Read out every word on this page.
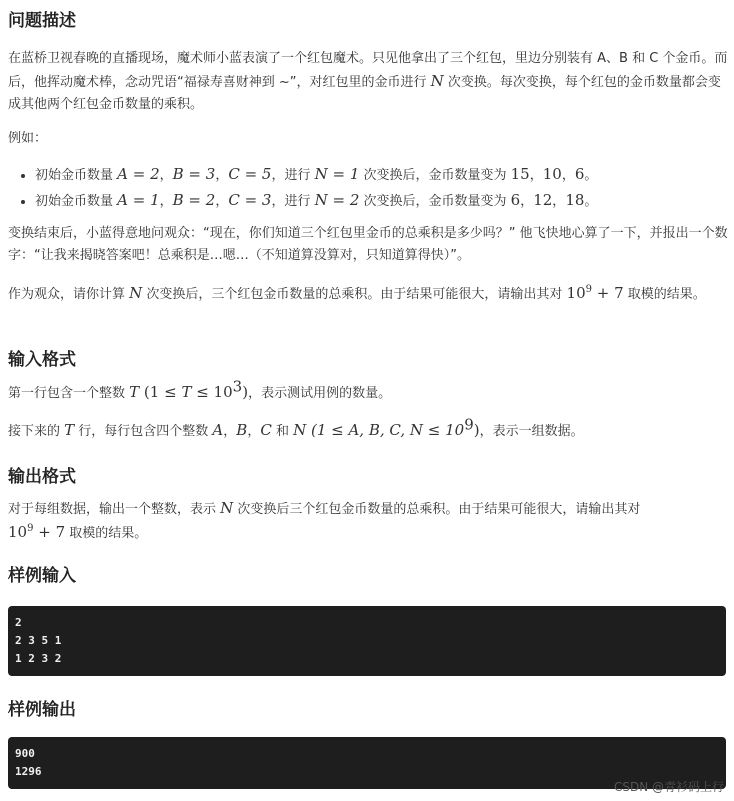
问题描述

在蓝桥卫视春晚的直播现场，魔术师小蓝表演了一个红包魔术。只见他拿出了三个红包，里边分别装有 A、B 和 C 个金币。而后，他挥动魔术棒，念动咒语“福禄寿喜财神到 ~”，对红包里的金币进行 N 次变换。每次变换，每个红包的金币数量都会变成其他两个红包金币数量的乘积。

例如：

• 初始金币数量 A = 2，B = 3，C = 5，进行 N = 1 次变换后，金币数量变为 15，10，6。
• 初始金币数量 A = 1，B = 2，C = 3，进行 N = 2 次变换后，金币数量变为 6，12，18。

变换结束后，小蓝得意地问观众：“现在，你们知道三个红包里金币的总乘积是多少吗？” 他飞快地心算了一下，并报出一个数字：“让我来揭晓答案吧！总乘积是…嗯…（不知道算没算对，只知道算得快）”。

作为观众，请你计算 N 次变换后，三个红包金币数量的总乘积。由于结果可能很大，请输出其对 $10^9 + 7$ 取模的结果。

输入格式

第一行包含一个整数 T $(1 \le T \le 10^3)$，表示测试用例的数量。

接下来的 T 行，每行包含四个整数 A，B，C 和 N (1 ≤ A, B, C, $N \le 10^9$)，表示一组数据。

输出格式

对于每组数据，输出一个整数，表示 N 次变换后三个红包金币数量的总乘积。由于结果可能很大，请输出其对
$10^9 + 7$ 取模的结果。

样例输入
2
2 3 5 1
1 2 3 2
样例输出
900
1296
CSDN @青衫码上行
